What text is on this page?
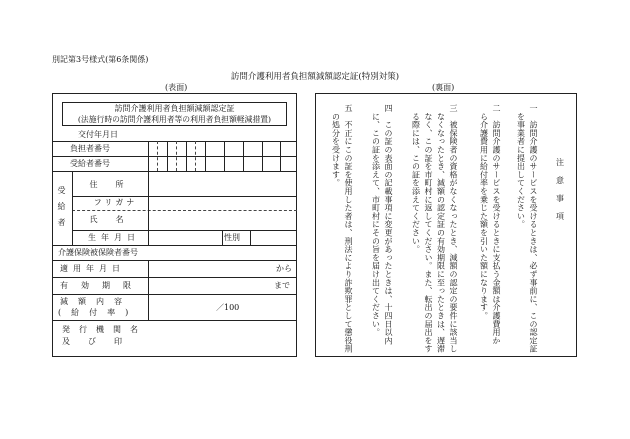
別記第3号様式(第6条関係)
訪問介護利用者負担額減額認定証(特別対策)
(表面)	(裏面)
訪問介護利用者負担額減額認定証
(法施行時の訪問介護利用者等の利用者負担額軽減措置)
交付年月日
負担者番号
受給者番号
受給者
住所
フリガナ
氏名
生年月日	性別
介護保険被保険者番号
適用年月日	から
有効期限	まで
減額内容
(給付率)
／100
発行機関名
及び印
注意事項
一　訪問介護のサービスを受けるときは、必ず事前に、この認定証
　を事業者に提出してください。
二　訪問介護のサービスを受けるときに支払う金額は介護費用か
　ら介護費用に給付率を乗じた額を引いた額になります。
三　被保険者の資格がなくなったとき、減額の認定の要件に該当し
　なくなったとき、減額の認定証の有効期限に至ったときは、遅滞
　なく、この証を市町村に返してください。また、転出の届出をす
　る際には、この証を添えてください。
四　この証の表面の記載事項に変更があったときは、十四日以内
　に、この証を添えて、市町村にその旨を届け出てください。
五　不正にこの証を使用した者は、刑法により詐欺罪として懲役刑
　の処分を受けます。
